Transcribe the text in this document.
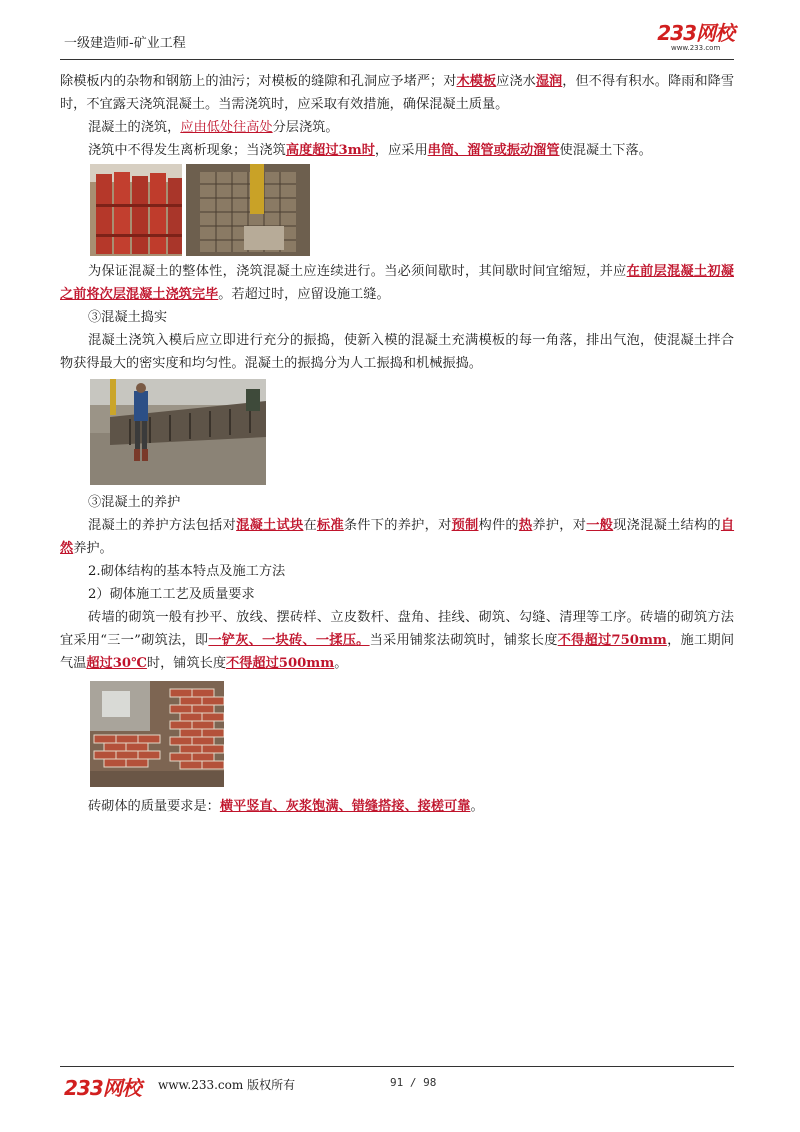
一级建造师-矿业工程	233网校
www.233.com

除模板内的杂物和钢筋上的油污；对模板的缝隙和孔洞应予堵严；对木模板应浇水湿润，但不得有积水。降雨和降雪时，不宜露天浇筑混凝土。当需浇筑时，应采取有效措施，确保混凝土质量。

混凝土的浇筑，应由低处往高处分层浇筑。

浇筑中不得发生离析现象；当浇筑高度超过3m时，应采用串筒、溜管或振动溜管使混凝土下落。

为保证混凝土的整体性，浇筑混凝土应连续进行。当必须间歇时，其间歇时间宜缩短，并应在前层混凝土初凝之前将次层混凝土浇筑完毕。若超过时，应留设施工缝。

③混凝土捣实

混凝土浇筑入模后应立即进行充分的振捣，使新入模的混凝土充满模板的每一角落，排出气泡，使混凝土拌合物获得最大的密实度和均匀性。混凝土的振捣分为人工振捣和机械振捣。

③混凝土的养护

混凝土的养护方法包括对混凝土试块在标准条件下的养护，对预制构件的热养护，对一般现浇混凝土结构的自然养护。

2.砌体结构的基本特点及施工方法

2）砌体施工工艺及质量要求

砖墙的砌筑一般有抄平、放线、摆砖样、立皮数杆、盘角、挂线、砌筑、勾缝、清理等工序。砖墙的砌筑方法宜采用“三一”砌筑法，即一铲灰、一块砖、一揉压。当采用铺浆法砌筑时，铺浆长度不得超过750mm，施工期间气温超过30℃时，铺筑长度不得超过500mm。

砖砌体的质量要求是：横平竖直、灰浆饱满、错缝搭接、接槎可靠。

233网校 www.233.com 版权所有	91 / 98
